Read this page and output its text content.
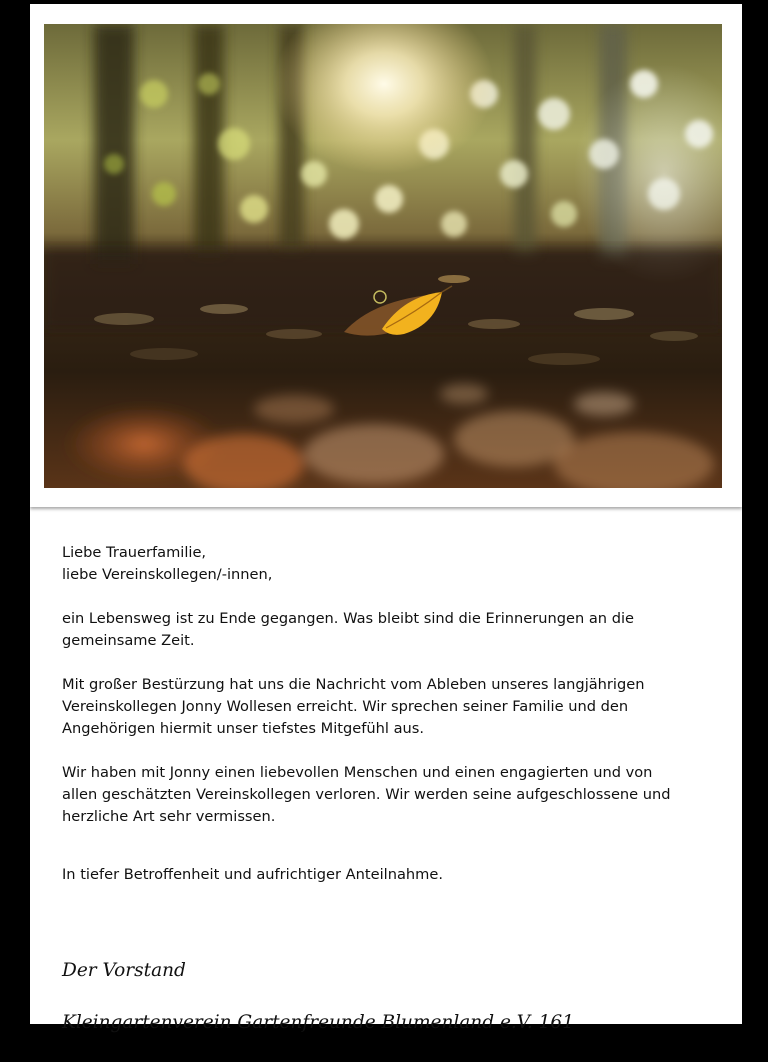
Liebe Trauerfamilie,
liebe Vereinskollegen/-innen,

ein Lebensweg ist zu Ende gegangen. Was bleibt sind die Erinnerungen an die
gemeinsame Zeit.

Mit großer Bestürzung hat uns die Nachricht vom Ableben unseres langjährigen
Vereinskollegen Jonny Wollesen erreicht. Wir sprechen seiner Familie und den
Angehörigen hiermit unser tiefstes Mitgefühl aus.

Wir haben mit Jonny einen liebevollen Menschen und einen engagierten und von
allen geschätzten Vereinskollegen verloren. Wir werden seine aufgeschlossene und
herzliche Art sehr vermissen.

In tiefer Betroffenheit und aufrichtiger Anteilnahme.

Der Vorstand

Kleingartenverein Gartenfreunde Blumenland e.V. 161
